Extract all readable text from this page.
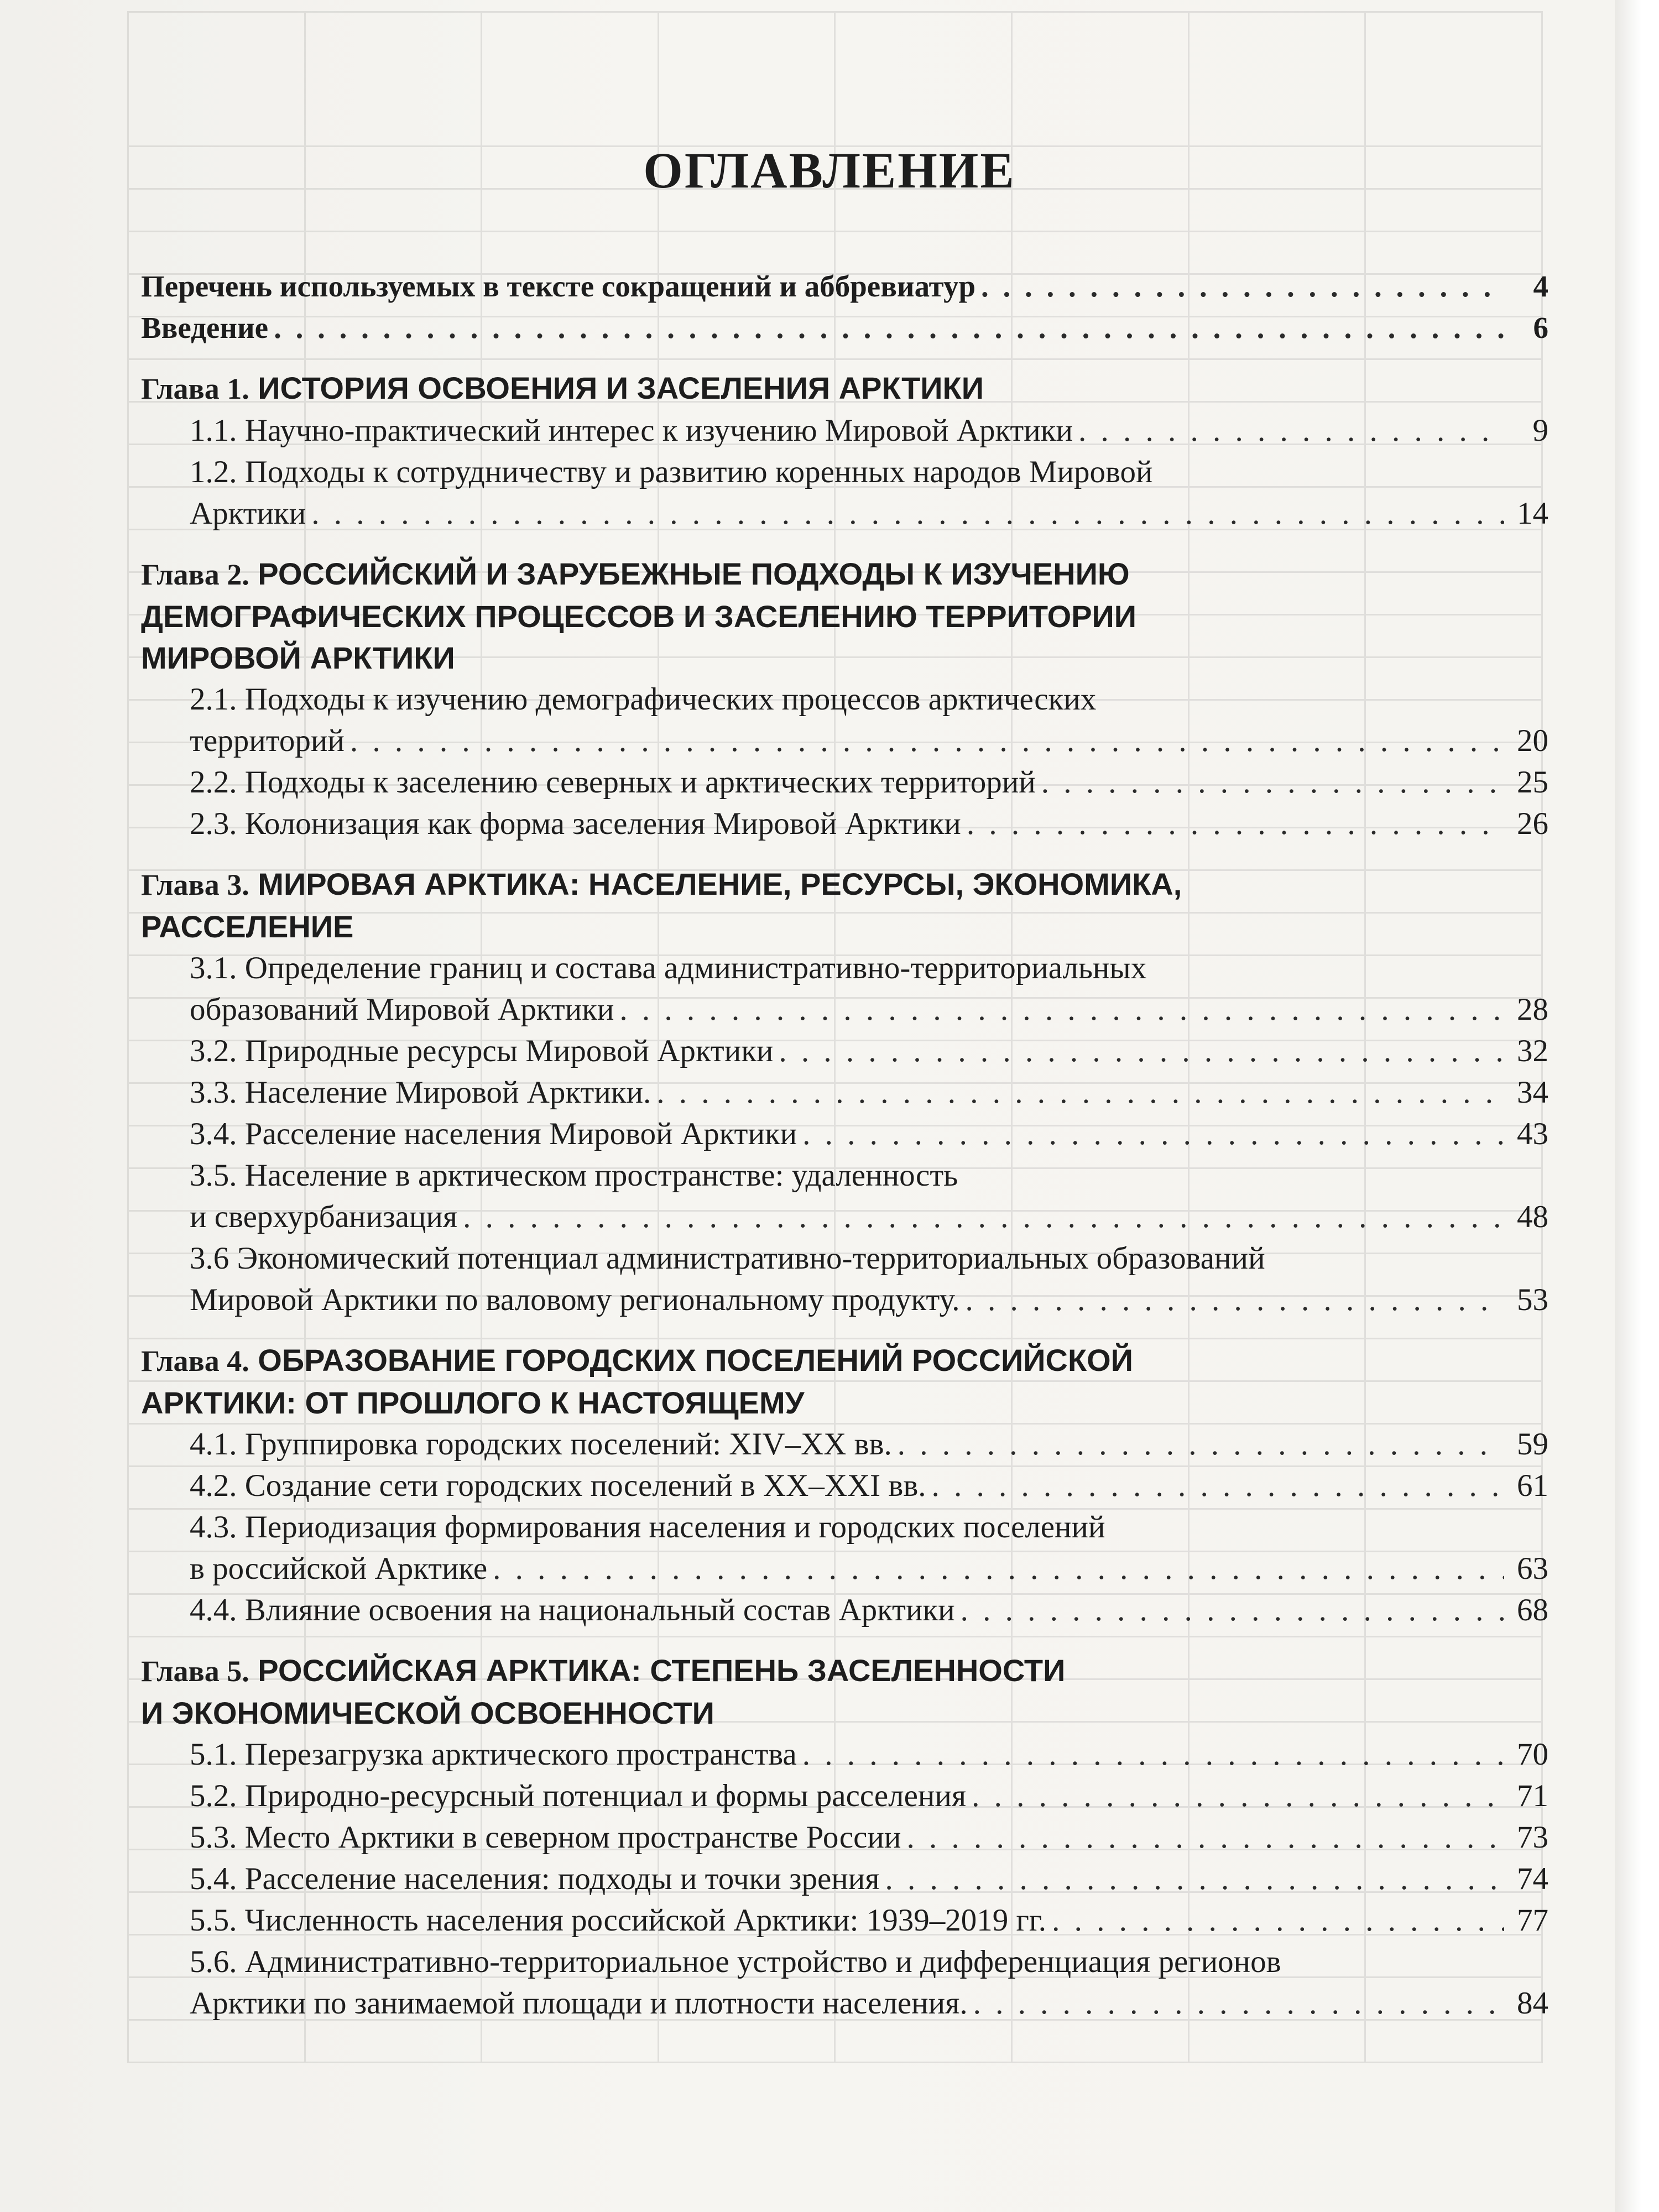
ОГЛАВЛЕНИЕ
Перечень используемых в тексте сокращений и аббревиатур . . .	4
Введение . . .	6
Глава 1. ИСТОРИЯ ОСВОЕНИЯ И ЗАСЕЛЕНИЯ АРКТИКИ
1.1. Научно-практический интерес к изучению Мировой Арктики . . .	9
1.2. Подходы к сотрудничеству и развитию коренных народов Мировой
Арктики . . .	14
Глава 2. РОССИЙСКИЙ И ЗАРУБЕЖНЫЕ ПОДХОДЫ К ИЗУЧЕНИЮ
ДЕМОГРАФИЧЕСКИХ ПРОЦЕССОВ И ЗАСЕЛЕНИЮ ТЕРРИТОРИИ
МИРОВОЙ АРКТИКИ
2.1. Подходы к изучению демографических процессов арктических
территорий . . .	20
2.2. Подходы к заселению северных и арктических территорий . . .	25
2.3. Колонизация как форма заселения Мировой Арктики . . .	26
Глава 3. МИРОВАЯ АРКТИКА: НАСЕЛЕНИЕ, РЕСУРСЫ, ЭКОНОМИКА,
РАССЕЛЕНИЕ
3.1. Определение границ и состава административно-территориальных
образований Мировой Арктики . . .	28
3.2. Природные ресурсы Мировой Арктики . . .	32
3.3. Население Мировой Арктики. . . .	34
3.4. Расселение населения Мировой Арктики . . .	43
3.5. Население в арктическом пространстве: удаленность
и сверхурбанизация . . .	48
3.6 Экономический потенциал административно-территориальных образований
Мировой Арктики по валовому региональному продукту. . . .	53
Глава 4. ОБРАЗОВАНИЕ ГОРОДСКИХ ПОСЕЛЕНИЙ РОССИЙСКОЙ
АРКТИКИ: ОТ ПРОШЛОГО К НАСТОЯЩЕМУ
4.1. Группировка городских поселений: XIV–XX вв. . . .	59
4.2. Создание сети городских поселений в XX–XXI вв. . . .	61
4.3. Периодизация формирования населения и городских поселений
в российской Арктике . . .	63
4.4. Влияние освоения на национальный состав Арктики . . .	68
Глава 5. РОССИЙСКАЯ АРКТИКА: СТЕПЕНЬ ЗАСЕЛЕННОСТИ
И ЭКОНОМИЧЕСКОЙ ОСВОЕННОСТИ
5.1. Перезагрузка арктического пространства . . .	70
5.2. Природно-ресурсный потенциал и формы расселения . . .	71
5.3. Место Арктики в северном пространстве России . . .	73
5.4. Расселение населения: подходы и точки зрения . . .	74
5.5. Численность населения российской Арктики: 1939–2019 гг. . . .	77
5.6. Административно-территориальное устройство и дифференциация регионов
Арктики по занимаемой площади и плотности населения. . . .	84
